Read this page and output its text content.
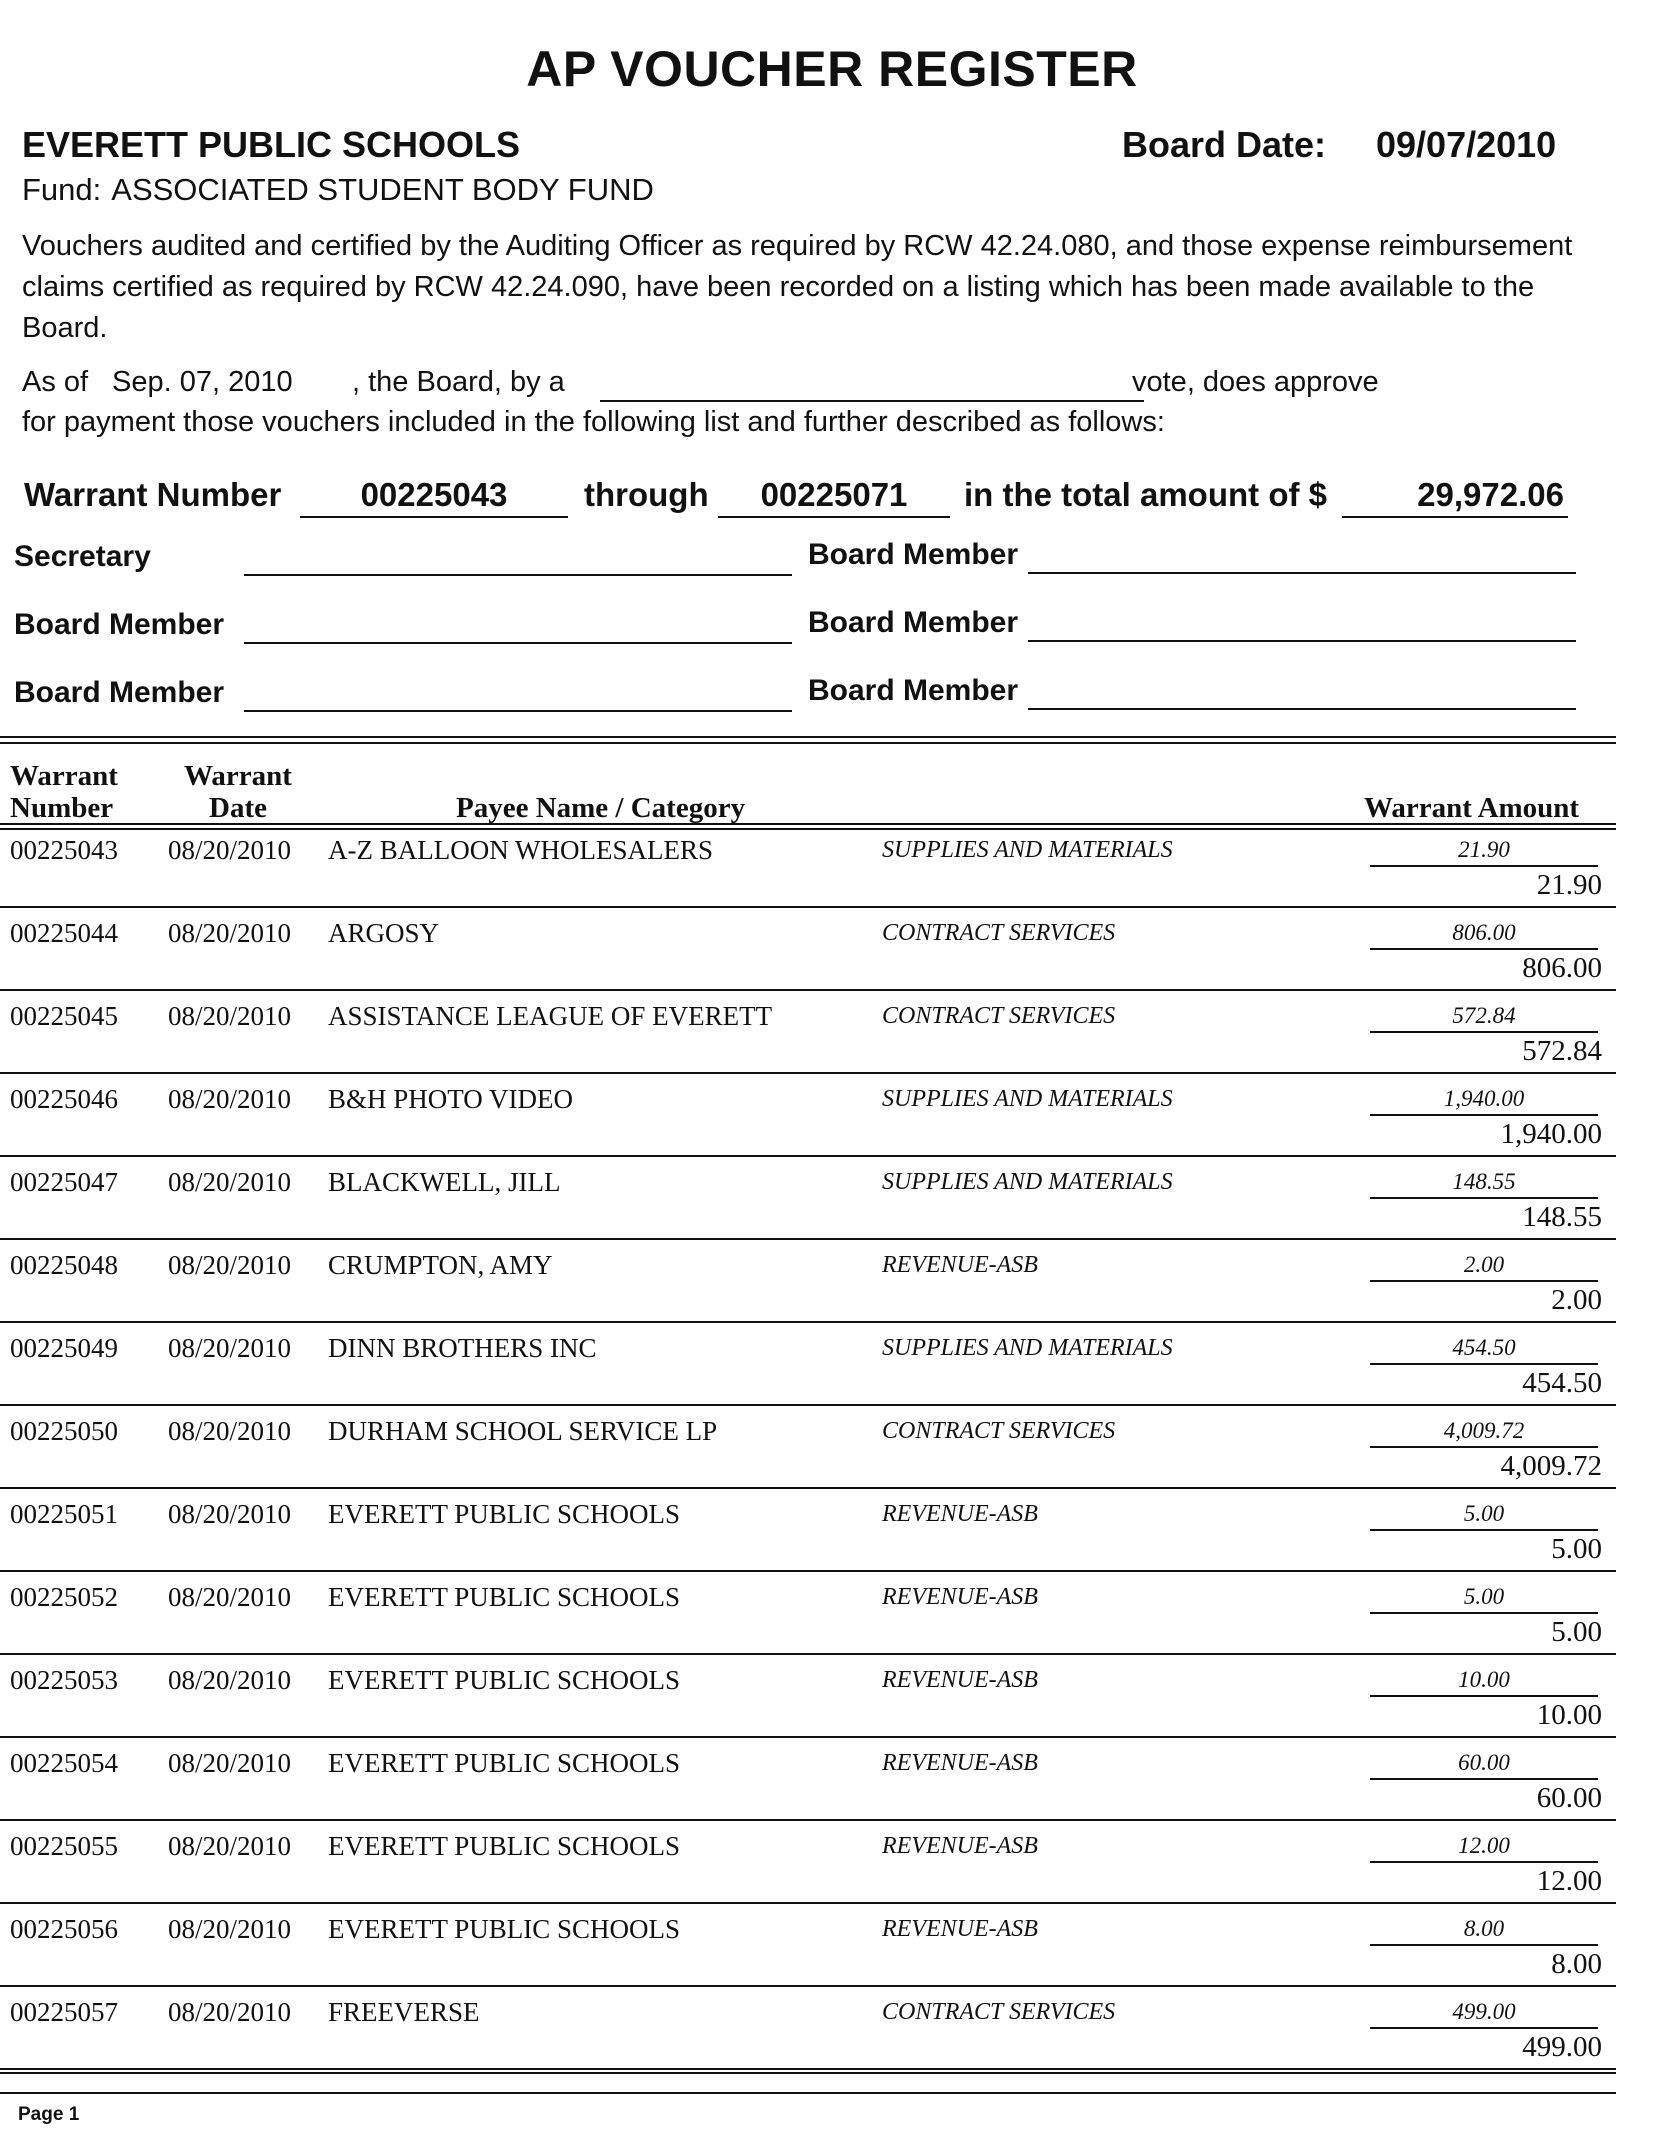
AP VOUCHER REGISTER
EVERETT PUBLIC SCHOOLS	Board Date: 09/07/2010
Fund: ASSOCIATED STUDENT BODY FUND
Vouchers audited and certified by the Auditing Officer as required by RCW 42.24.080, and those expense reimbursement claims certified as required by RCW 42.24.090, have been recorded on a listing which has been made available to the Board.
As of Sep. 07, 2010 , the Board, by a	vote, does approve
for payment those vouchers included in the following list and further described as follows:
Warrant Number	00225043	through	00225071	in the total amount of $	29,972.06
Secretary	Board Member
Board Member	Board Member
Board Member	Board Member
Warrant
Number
Warrant
Date	Payee Name / Category	Warrant Amount
00225043 08/20/2010 A-Z BALLOON WHOLESALERS	SUPPLIES AND MATERIALS	21.90
21.90
00225044 08/20/2010 ARGOSY	CONTRACT SERVICES	806.00
806.00
00225045 08/20/2010 ASSISTANCE LEAGUE OF EVERETT	CONTRACT SERVICES	572.84
572.84
00225046 08/20/2010 B&H PHOTO VIDEO	SUPPLIES AND MATERIALS	1,940.00
1,940.00
00225047 08/20/2010 BLACKWELL, JILL	SUPPLIES AND MATERIALS	148.55
148.55
00225048 08/20/2010 CRUMPTON, AMY	REVENUE-ASB	2.00
2.00
00225049 08/20/2010 DINN BROTHERS INC	SUPPLIES AND MATERIALS	454.50
454.50
00225050 08/20/2010 DURHAM SCHOOL SERVICE LP	CONTRACT SERVICES	4,009.72
4,009.72
00225051 08/20/2010 EVERETT PUBLIC SCHOOLS	REVENUE-ASB	5.00
5.00
00225052 08/20/2010 EVERETT PUBLIC SCHOOLS	REVENUE-ASB	5.00
5.00
00225053 08/20/2010 EVERETT PUBLIC SCHOOLS	REVENUE-ASB	10.00
10.00
00225054 08/20/2010 EVERETT PUBLIC SCHOOLS	REVENUE-ASB	60.00
60.00
00225055 08/20/2010 EVERETT PUBLIC SCHOOLS	REVENUE-ASB	12.00
12.00
00225056 08/20/2010 EVERETT PUBLIC SCHOOLS	REVENUE-ASB	8.00
8.00
00225057 08/20/2010 FREEVERSE	CONTRACT SERVICES	499.00
499.00
Page 1
